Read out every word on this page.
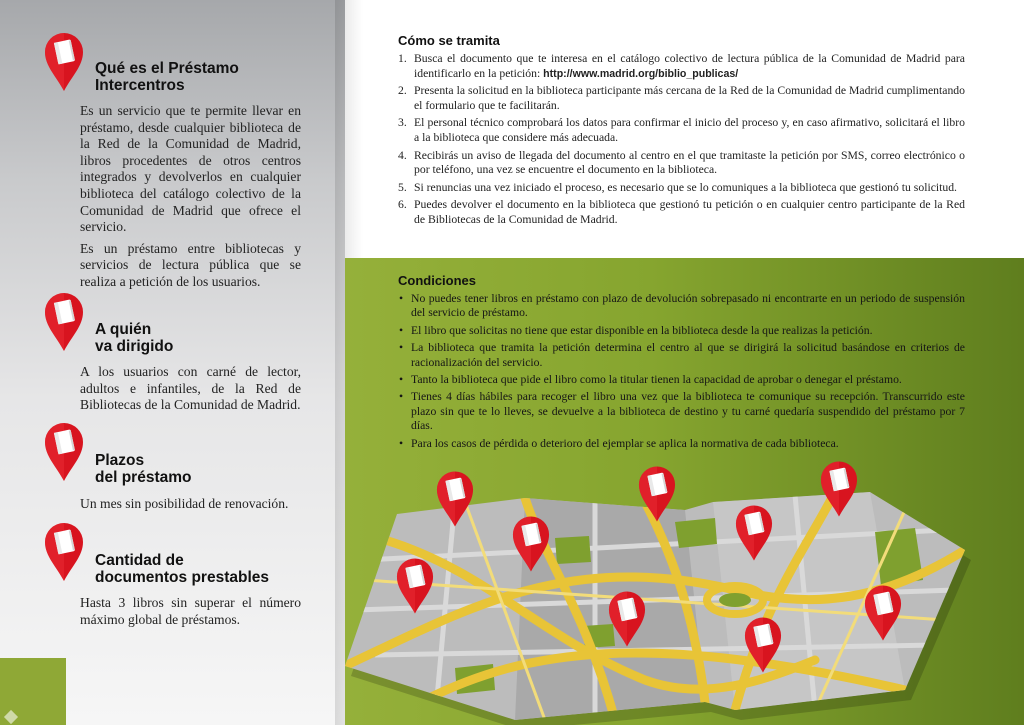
Qué es el Préstamo
Intercentros

Es un servicio que te permite llevar en préstamo, desde cualquier biblioteca de la Red de la Comunidad de Madrid, libros procedentes de otros centros integrados y devolverlos en cualquier biblioteca del catálogo colectivo de la Comunidad de Madrid que ofrece el servicio.

Es un préstamo entre bibliotecas y servicios de lectura pública que se realiza a petición de los usuarios.

A quién
va dirigido

A los usuarios con carné de lector, adultos e infantiles, de la Red de Bibliotecas de la Comunidad de Madrid.

Plazos
del préstamo

Un mes sin posibilidad de renovación.

Cantidad de
documentos prestables

Hasta 3 libros sin superar el número máximo global de préstamos.

Cómo se tramita
1. Busca el documento que te interesa en el catálogo colectivo de lectura pública de la Comunidad de Madrid para identificarlo en la petición: http://www.madrid.org/biblio_publicas/
2. Presenta la solicitud en la biblioteca participante más cercana de la Red de la Comunidad de Madrid cumplimentando el formulario que te facilitarán.
3. El personal técnico comprobará los datos para confirmar el inicio del proceso y, en caso afirmativo, solicitará el libro a la biblioteca que considere más adecuada.
4. Recibirás un aviso de llegada del documento al centro en el que tramitaste la petición por SMS, correo electrónico o por teléfono, una vez se encuentre el documento en la biblioteca.
5. Si renuncias una vez iniciado el proceso, es necesario que se lo comuniques a la biblioteca que gestionó tu solicitud.
6. Puedes devolver el documento en la biblioteca que gestionó tu petición o en cualquier centro participante de la Red de Bibliotecas de la Comunidad de Madrid.
Condiciones
• No puedes tener libros en préstamo con plazo de devolución sobrepasado ni encontrarte en un periodo de suspensión del servicio de préstamo.
• El libro que solicitas no tiene que estar disponible en la biblioteca desde la que realizas la petición.
• La biblioteca que tramita la petición determina el centro al que se dirigirá la solicitud basándose en criterios de racionalización del servicio.
• Tanto la biblioteca que pide el libro como la titular tienen la capacidad de aprobar o denegar el préstamo.
• Tienes 4 días hábiles para recoger el libro una vez que la biblioteca te comunique su recepción. Transcurrido este plazo sin que te lo lleves, se devuelve a la biblioteca de destino y tu carné quedaría suspendido del préstamo por 7 días.
• Para los casos de pérdida o deterioro del ejemplar se aplica la normativa de cada biblioteca.
